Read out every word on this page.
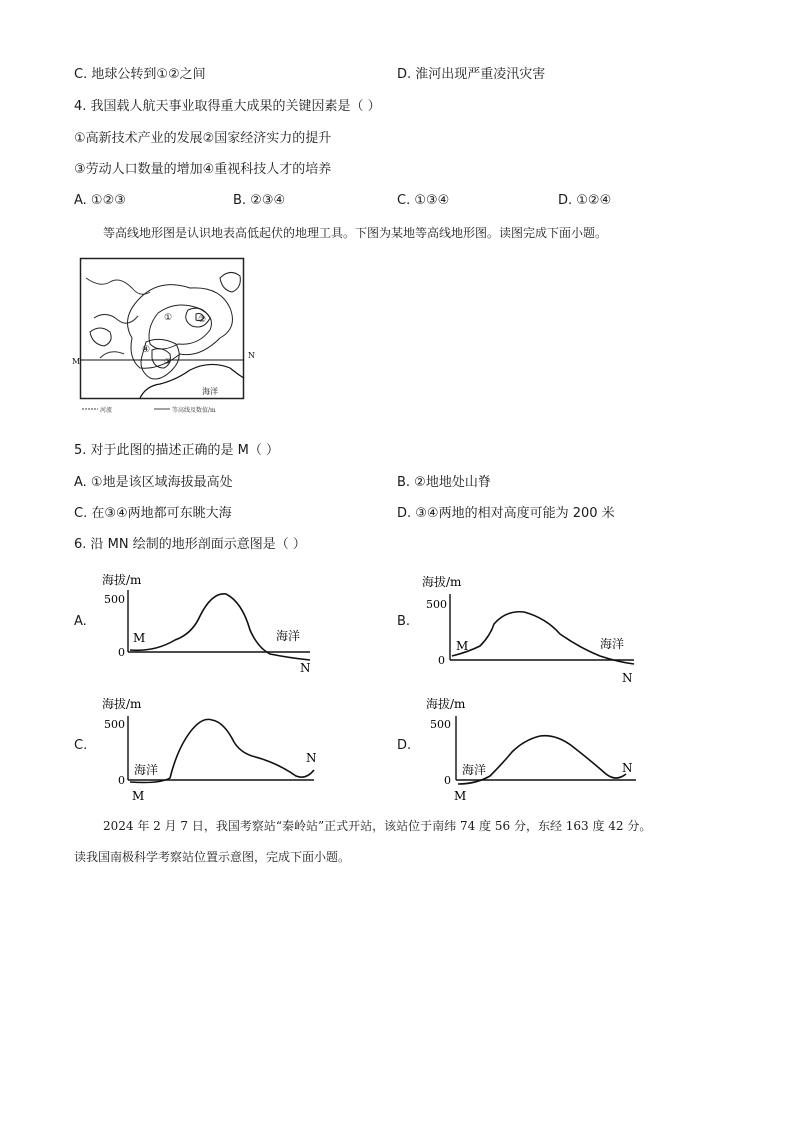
C. 地球公转到①②之间	D. 淮河出现严重凌汛灾害
4. 我国载人航天事业取得重大成果的关键因素是（ ）
①高新技术产业的发展②国家经济实力的提升
③劳动人口数量的增加④重视科技人才的培养
A. ①②③	B. ②③④	C. ①③④	D. ①②④
等高线地形图是认识地表高低起伏的地理工具。下图为某地等高线地形图。读图完成下面小题。
M
N
①	②
④
③
海洋
河流	等高线及数值/m
5. 对于此图的描述正确的是 M（ ）
A. ①地是该区域海拔最高处	B. ②地地处山脊
C. 在③④两地都可东眺大海	D. ③④两地的相对高度可能为 200 米
6. 沿 MN 绘制的地形剖面示意图是（ ）
A.
海拔/m
500
0
M
N
海洋
B.
海拔/m
500
0
M
N
海洋
C.
海拔/m
500
0
M
N
海洋
D.
海拔/m
500
0
M
N
海洋
2024 年 2 月 7 日，我国考察站“秦岭站”正式开站，该站位于南纬 74 度 56 分，东经 163 度 42 分。
读我国南极科学考察站位置示意图，完成下面小题。
